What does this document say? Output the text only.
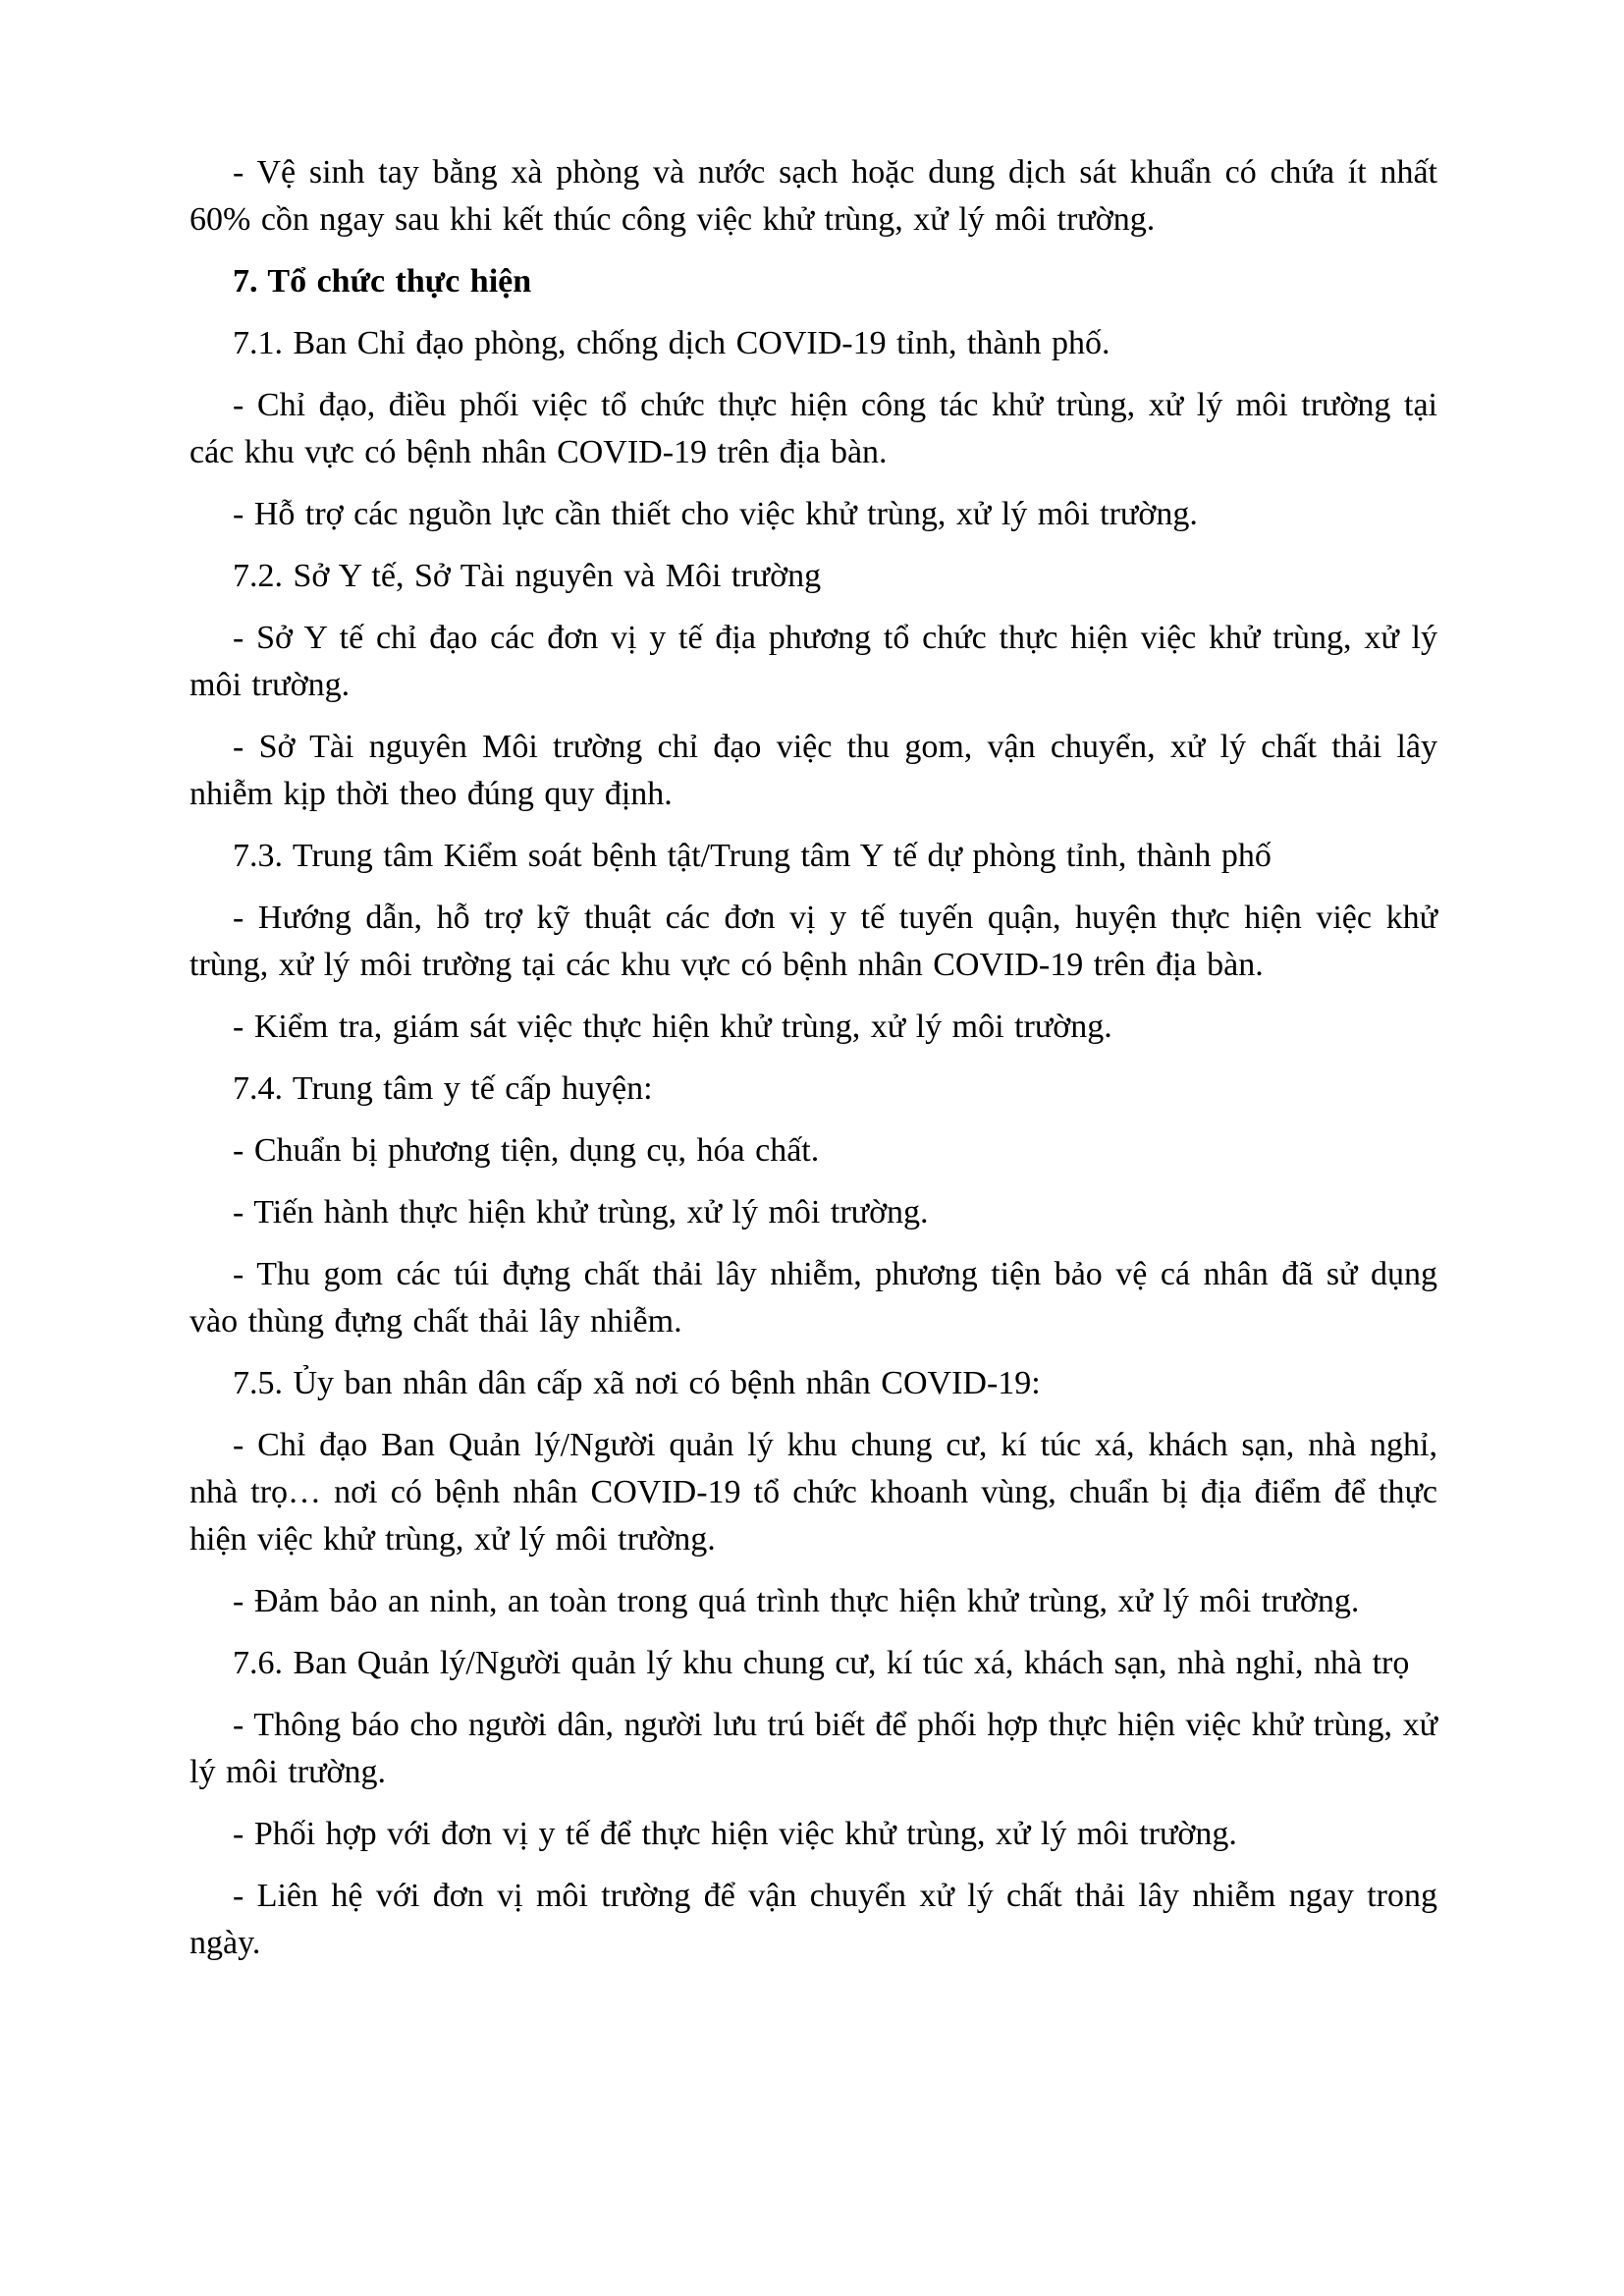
- Vệ sinh tay bằng xà phòng và nước sạch hoặc dung dịch sát khuẩn có chứa ít nhất 60% cồn ngay sau khi kết thúc công việc khử trùng, xử lý môi trường.

7. Tổ chức thực hiện

7.1. Ban Chỉ đạo phòng, chống dịch COVID-19 tỉnh, thành phố.

- Chỉ đạo, điều phối việc tổ chức thực hiện công tác khử trùng, xử lý môi trường tại các khu vực có bệnh nhân COVID-19 trên địa bàn.

- Hỗ trợ các nguồn lực cần thiết cho việc khử trùng, xử lý môi trường.

7.2. Sở Y tế, Sở Tài nguyên và Môi trường

- Sở Y tế chỉ đạo các đơn vị y tế địa phương tổ chức thực hiện việc khử trùng, xử lý môi trường.

- Sở Tài nguyên Môi trường chỉ đạo việc thu gom, vận chuyển, xử lý chất thải lây nhiễm kịp thời theo đúng quy định.

7.3. Trung tâm Kiểm soát bệnh tật/Trung tâm Y tế dự phòng tỉnh, thành phố

- Hướng dẫn, hỗ trợ kỹ thuật các đơn vị y tế tuyến quận, huyện thực hiện việc khử trùng, xử lý môi trường tại các khu vực có bệnh nhân COVID-19 trên địa bàn.

- Kiểm tra, giám sát việc thực hiện khử trùng, xử lý môi trường.

7.4. Trung tâm y tế cấp huyện:

- Chuẩn bị phương tiện, dụng cụ, hóa chất.

- Tiến hành thực hiện khử trùng, xử lý môi trường.

- Thu gom các túi đựng chất thải lây nhiễm, phương tiện bảo vệ cá nhân đã sử dụng vào thùng đựng chất thải lây nhiễm.

7.5. Ủy ban nhân dân cấp xã nơi có bệnh nhân COVID-19:

- Chỉ đạo Ban Quản lý/Người quản lý khu chung cư, kí túc xá, khách sạn, nhà nghỉ, nhà trọ… nơi có bệnh nhân COVID-19 tổ chức khoanh vùng, chuẩn bị địa điểm để thực hiện việc khử trùng, xử lý môi trường.

- Đảm bảo an ninh, an toàn trong quá trình thực hiện khử trùng, xử lý môi trường.

7.6. Ban Quản lý/Người quản lý khu chung cư, kí túc xá, khách sạn, nhà nghỉ, nhà trọ

- Thông báo cho người dân, người lưu trú biết để phối hợp thực hiện việc khử trùng, xử lý môi trường.

- Phối hợp với đơn vị y tế để thực hiện việc khử trùng, xử lý môi trường.

- Liên hệ với đơn vị môi trường để vận chuyển xử lý chất thải lây nhiễm ngay trong ngày.
